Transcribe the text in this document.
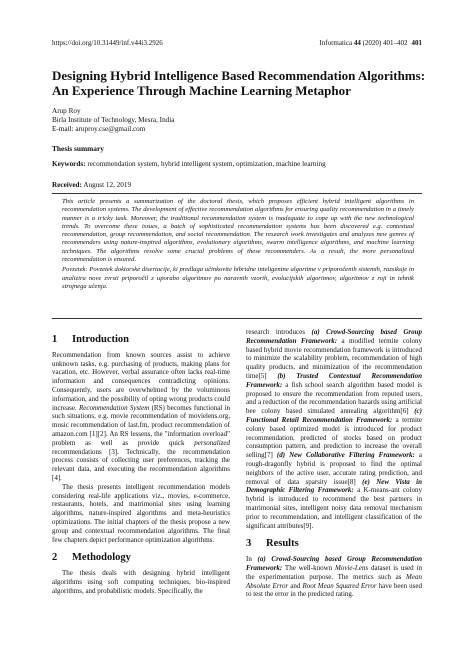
https://doi.org/10.31449/inf.v44i3.2926	Informatica 44 (2020) 401–402 401
Designing Hybrid Intelligence Based Recommendation Algorithms:
An Experience Through Machine Learning Metaphor
Arup Roy
Birla Institute of Technology, Mesra, India
E-mail: aruproy.cse@gmail.com
Thesis summary
Keywords: recommendation system, hybrid intelligent system, optimization, machine learning
Received: August 12, 2019

This article presents a summarization of the doctoral thesis, which proposes efficient hybrid intelligent algorithms in recommendation systems. The development of effective recommendation algorithms for ensuring quality recommendation in a timely manner is a tricky task. Moreover, the traditional recommendation system is inadequate to cope up with the new technological trends. To overcome these issues, a batch of sophisticated recommendation systems has been discovered e.g. contextual recommendation, group recommendation, and social recommendation. The research work investigates and analyzes new genres of recommenders using nature-inspired algorithms, evolutionary algorithms, swarm intelligence algorithms, and machine learning techniques. The algorithms resolve some crucial problems of these recommenders. As a result, the more personalized recommendation is ensured.

Povzetek: Povzetek doktorske disertacije, ki predlaga učinkovite hibridne inteligentne algoritme v priporočenih sistemih, razsikuje in analizira nove zvrsti priporočil z uporabo algoritmov po naravnih vzorih, evolucijskih algoritmov, algoritmov z roji in tehnik strojnega učenja.

1	Introduction

Recommendation from known sources assist to achieve unknown tasks, e.g. purchasing of products, making plans for vacation, etc. However, verbal assurance often lacks real-time information and consequences contradicting opinions. Consequently, users are overwhelmed by the voluminous information, and the possibility of opting wrong products could increase. Recommendation System (RS) becomes functional in such situations, e.g. movie recommendation of movielens.org, music recommendation of last.fm, product recommendation of amazon.com [1][2]. An RS lessens, the "information overload" problem as well as provide quick personalized recommendations [3]. Technically, the recommendation process consists of collecting user preferences, tracking the relevant data, and executing the recommendation algorithms [4].

The thesis presents intelligent recommendation models considering real-life applications viz., movies, e-commerce, restaurants, hotels, and matrimonial sites using learning algorithms, nature-inspired algorithms and meta-heuristics optimizations. The initial chapters of the thesis propose a new group and contextual recommendation algorithms. The final few chapters depict performance optimization algorithms.

2	Methodology

The thesis deals with designing hybrid intelligent algorithms using soft computing techniques, bio-inspired algorithms, and probabilistic models. Specifically, the

research introduces (a) Crowd-Sourcing based Group Recommendation Framework: a modified termite colony based hybrid movie recommendation framework is introduced to minimize the scalability problem, recommendation of high quality products, and minimization of the recommendation time[5] (b) Trusted Contextual Recommendation Framework: a fish school search algorithm based model is proposed to ensure the recommendation from reputed users, and a reduction of the recommendation hazards using artificial bee colony based simulated annealing algorithm[6] (c) Functional Retail Recommendation Framework: a termite colony based optimized model is introduced for product recommendation, predicted of stocks based on product consumption pattern, and prediction to increase the overall selling[7] (d) New Collaborative Filtering Framework: a rough-dragonfly hybrid is proposed to find the optimal neighbors of the active user, accurate rating prediction, and removal of data sparsity issue[8] (e) New Vista in Demographic Filtering Framework: a K-means-ant colony hybrid is introduced to recommend the best partners in matrimonial sites, intelligent noisy data removal mechanism prior to recommendation, and intelligent classification of the significant attributes[9].

3	Results

In (a) Crowd-Sourcing based Group Recommendation Framework: The well-known Movie-Lens dataset is used in the experimentation purpose. The metrics such as Mean Absolute Error and Root Mean Squared Error have been used to test the error in the predicted rating.
